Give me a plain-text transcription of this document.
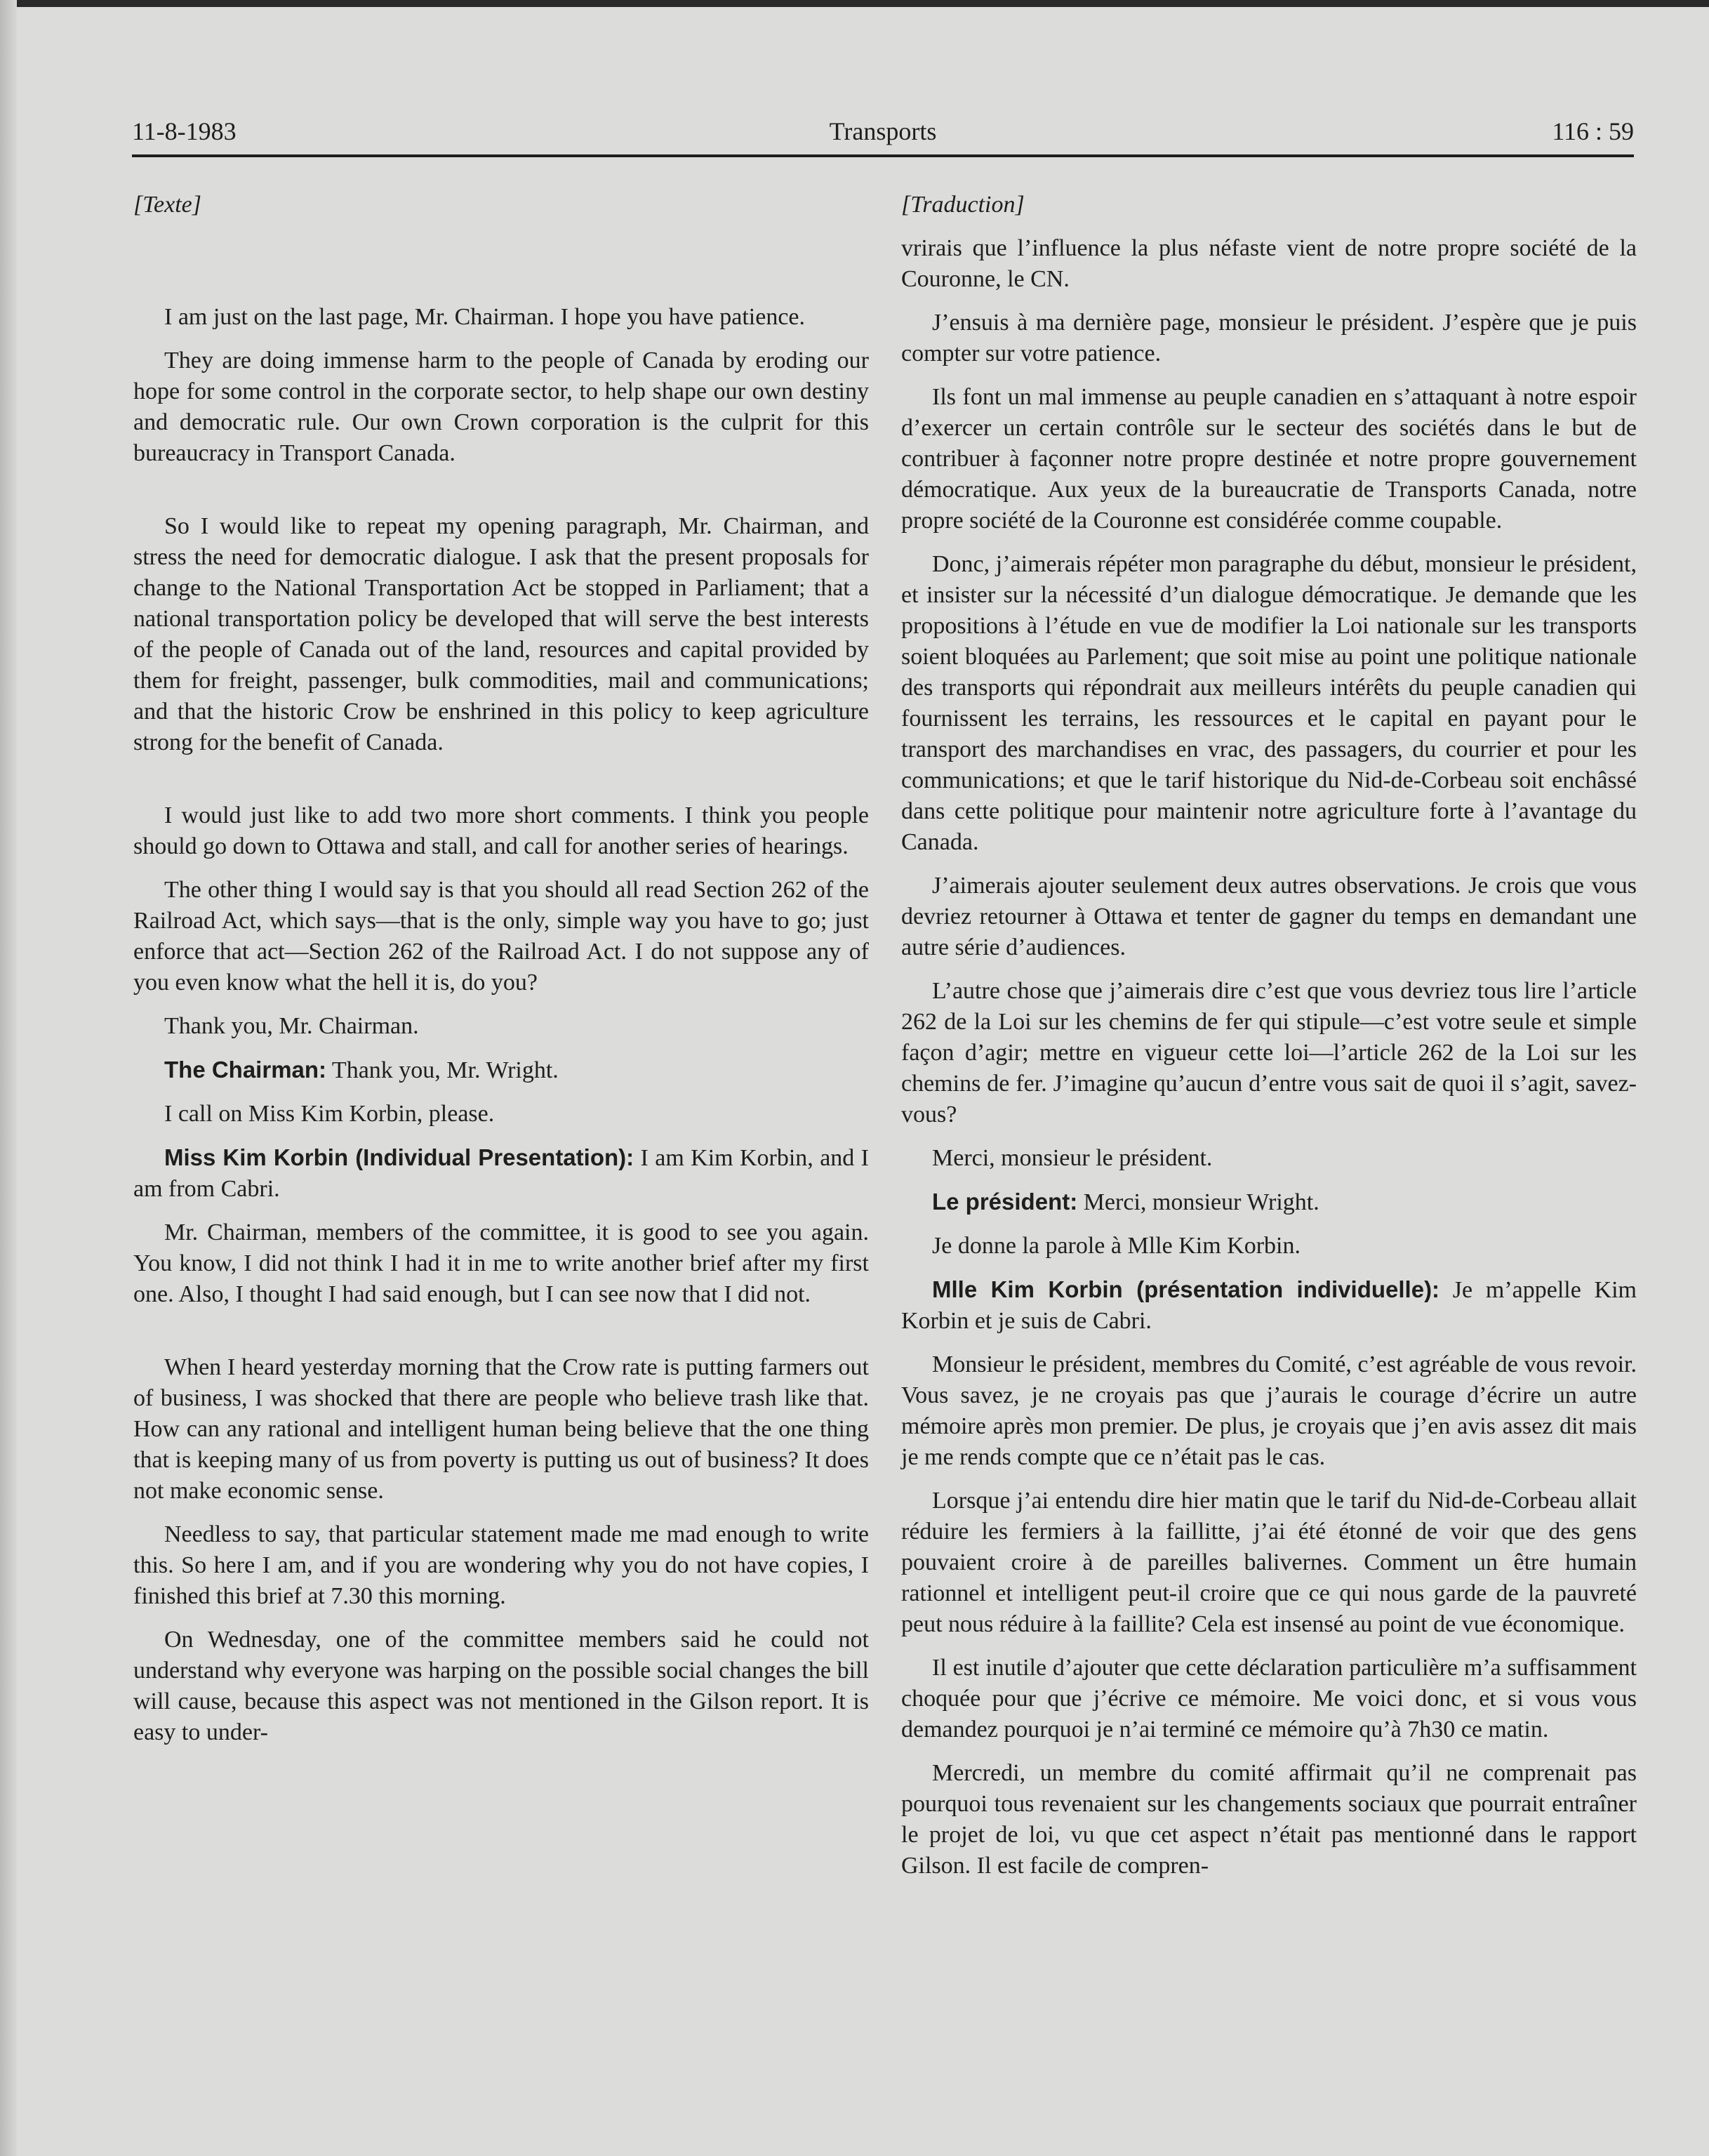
Transports
11-8-1983	116 : 59

[Texte]

I am just on the last page, Mr. Chairman. I hope you have patience.

They are doing immense harm to the people of Canada by eroding our hope for some control in the corporate sector, to help shape our own destiny and democratic rule. Our own Crown corporation is the culprit for this bureaucracy in Transport Canada.

So I would like to repeat my opening paragraph, Mr. Chairman, and stress the need for democratic dialogue. I ask that the present proposals for change to the National Transportation Act be stopped in Parliament; that a national transportation policy be developed that will serve the best interests of the people of Canada out of the land, resources and capital provided by them for freight, passenger, bulk commodities, mail and communications; and that the historic Crow be enshrined in this policy to keep agriculture strong for the benefit of Canada.

I would just like to add two more short comments. I think you people should go down to Ottawa and stall, and call for another series of hearings.

The other thing I would say is that you should all read Section 262 of the Railroad Act, which says—that is the only, simple way you have to go; just enforce that act—Section 262 of the Railroad Act. I do not suppose any of you even know what the hell it is, do you?

Thank you, Mr. Chairman.

The Chairman: Thank you, Mr. Wright.

I call on Miss Kim Korbin, please.

Miss Kim Korbin (Individual Presentation): I am Kim Korbin, and I am from Cabri.

Mr. Chairman, members of the committee, it is good to see you again. You know, I did not think I had it in me to write another brief after my first one. Also, I thought I had said enough, but I can see now that I did not.

When I heard yesterday morning that the Crow rate is putting farmers out of business, I was shocked that there are people who believe trash like that. How can any rational and intelligent human being believe that the one thing that is keeping many of us from poverty is putting us out of business? It does not make economic sense.

Needless to say, that particular statement made me mad enough to write this. So here I am, and if you are wondering why you do not have copies, I finished this brief at 7.30 this morning.

On Wednesday, one of the committee members said he could not understand why everyone was harping on the possible social changes the bill will cause, because this aspect was not mentioned in the Gilson report. It is easy to under-

[Traduction]

vrirais que l’influence la plus néfaste vient de notre propre société de la Couronne, le CN.

J’ensuis à ma dernière page, monsieur le président. J’espère que je puis compter sur votre patience.

Ils font un mal immense au peuple canadien en s’attaquant à notre espoir d’exercer un certain contrôle sur le secteur des sociétés dans le but de contribuer à façonner notre propre destinée et notre propre gouvernement démocratique. Aux yeux de la bureaucratie de Transports Canada, notre propre société de la Couronne est considérée comme coupable.

Donc, j’aimerais répéter mon paragraphe du début, monsieur le président, et insister sur la nécessité d’un dialogue démocratique. Je demande que les propositions à l’étude en vue de modifier la Loi nationale sur les transports soient bloquées au Parlement; que soit mise au point une politique nationale des transports qui répondrait aux meilleurs intérêts du peuple canadien qui fournissent les terrains, les ressources et le capital en payant pour le transport des marchandises en vrac, des passagers, du courrier et pour les communications; et que le tarif historique du Nid-de-Corbeau soit enchâssé dans cette politique pour maintenir notre agriculture forte à l’avantage du Canada.

J’aimerais ajouter seulement deux autres observations. Je crois que vous devriez retourner à Ottawa et tenter de gagner du temps en demandant une autre série d’audiences.

L’autre chose que j’aimerais dire c’est que vous devriez tous lire l’article 262 de la Loi sur les chemins de fer qui stipule—c’est votre seule et simple façon d’agir; mettre en vigueur cette loi—l’article 262 de la Loi sur les chemins de fer. J’imagine qu’aucun d’entre vous sait de quoi il s’agit, savez-vous?

Merci, monsieur le président.

Le président: Merci, monsieur Wright.

Je donne la parole à Mlle Kim Korbin.

Mlle Kim Korbin (présentation individuelle): Je m’appelle Kim Korbin et je suis de Cabri.

Monsieur le président, membres du Comité, c’est agréable de vous revoir. Vous savez, je ne croyais pas que j’aurais le courage d’écrire un autre mémoire après mon premier. De plus, je croyais que j’en avis assez dit mais je me rends compte que ce n’était pas le cas.

Lorsque j’ai entendu dire hier matin que le tarif du Nid-de-Corbeau allait réduire les fermiers à la faillitte, j’ai été étonné de voir que des gens pouvaient croire à de pareilles balivernes. Comment un être humain rationnel et intelligent peut-il croire que ce qui nous garde de la pauvreté peut nous réduire à la faillite? Cela est insensé au point de vue économique.

Il est inutile d’ajouter que cette déclaration particulière m’a suffisamment choquée pour que j’écrive ce mémoire. Me voici donc, et si vous vous demandez pourquoi je n’ai terminé ce mémoire qu’à 7h30 ce matin.

Mercredi, un membre du comité affirmait qu’il ne comprenait pas pourquoi tous revenaient sur les changements sociaux que pourrait entraîner le projet de loi, vu que cet aspect n’était pas mentionné dans le rapport Gilson. Il est facile de compren-
